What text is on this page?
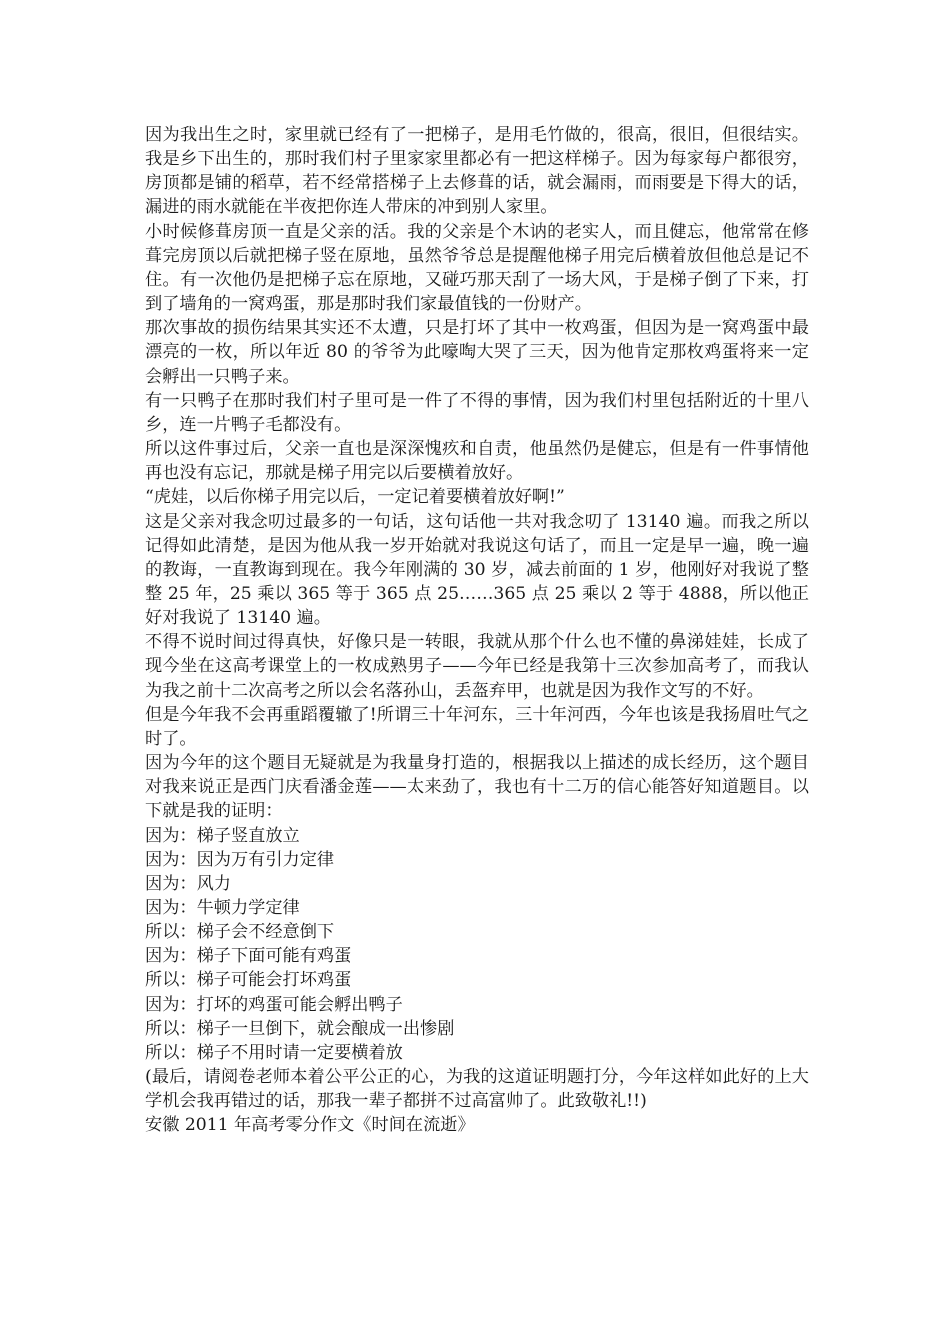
因为我出生之时，家里就已经有了一把梯子，是用毛竹做的，很高，很旧，但很结实。我是乡下出生的，那时我们村子里家家里都必有一把这样梯子。因为每家每户都很穷，房顶都是铺的稻草，若不经常搭梯子上去修葺的话，就会漏雨，而雨要是下得大的话，漏进的雨水就能在半夜把你连人带床的冲到别人家里。

小时候修葺房顶一直是父亲的活。我的父亲是个木讷的老实人，而且健忘，他常常在修葺完房顶以后就把梯子竖在原地，虽然爷爷总是提醒他梯子用完后横着放但他总是记不住。有一次他仍是把梯子忘在原地，又碰巧那天刮了一场大风，于是梯子倒了下来，打到了墙角的一窝鸡蛋，那是那时我们家最值钱的一份财产。

那次事故的损伤结果其实还不太遭，只是打坏了其中一枚鸡蛋，但因为是一窝鸡蛋中最漂亮的一枚，所以年近 80 的爷爷为此嚎啕大哭了三天，因为他肯定那枚鸡蛋将来一定会孵出一只鸭子来。

有一只鸭子在那时我们村子里可是一件了不得的事情，因为我们村里包括附近的十里八乡，连一片鸭子毛都没有。

所以这件事过后，父亲一直也是深深愧疚和自责，他虽然仍是健忘，但是有一件事情他再也没有忘记，那就是梯子用完以后要横着放好。

“虎娃，以后你梯子用完以后，一定记着要横着放好啊!”

这是父亲对我念叨过最多的一句话，这句话他一共对我念叨了 13140 遍。而我之所以记得如此清楚，是因为他从我一岁开始就对我说这句话了，而且一定是早一遍，晚一遍的教诲，一直教诲到现在。我今年刚满的 30 岁，减去前面的 1 岁，他刚好对我说了整整 25 年，25 乘以 365 等于 365 点 25……365 点 25 乘以 2 等于 4888，所以他正好对我说了 13140 遍。

不得不说时间过得真快，好像只是一转眼，我就从那个什么也不懂的鼻涕娃娃，长成了现今坐在这高考课堂上的一枚成熟男子——今年已经是我第十三次参加高考了，而我认为我之前十二次高考之所以会名落孙山，丢盔弃甲，也就是因为我作文写的不好。

但是今年我不会再重蹈覆辙了!所谓三十年河东，三十年河西，今年也该是我扬眉吐气之时了。

因为今年的这个题目无疑就是为我量身打造的，根据我以上描述的成长经历，这个题目对我来说正是西门庆看潘金莲——太来劲了，我也有十二万的信心能答好知道题目。以下就是我的证明：

因为：梯子竖直放立

因为：因为万有引力定律

因为：风力

因为：牛顿力学定律

所以：梯子会不经意倒下

因为：梯子下面可能有鸡蛋

所以：梯子可能会打坏鸡蛋

因为：打坏的鸡蛋可能会孵出鸭子

所以：梯子一旦倒下，就会酿成一出惨剧

所以：梯子不用时请一定要横着放

(最后，请阅卷老师本着公平公正的心，为我的这道证明题打分，今年这样如此好的上大学机会我再错过的话，那我一辈子都拼不过高富帅了。此致敬礼!!)

安徽 2011 年高考零分作文《时间在流逝》
